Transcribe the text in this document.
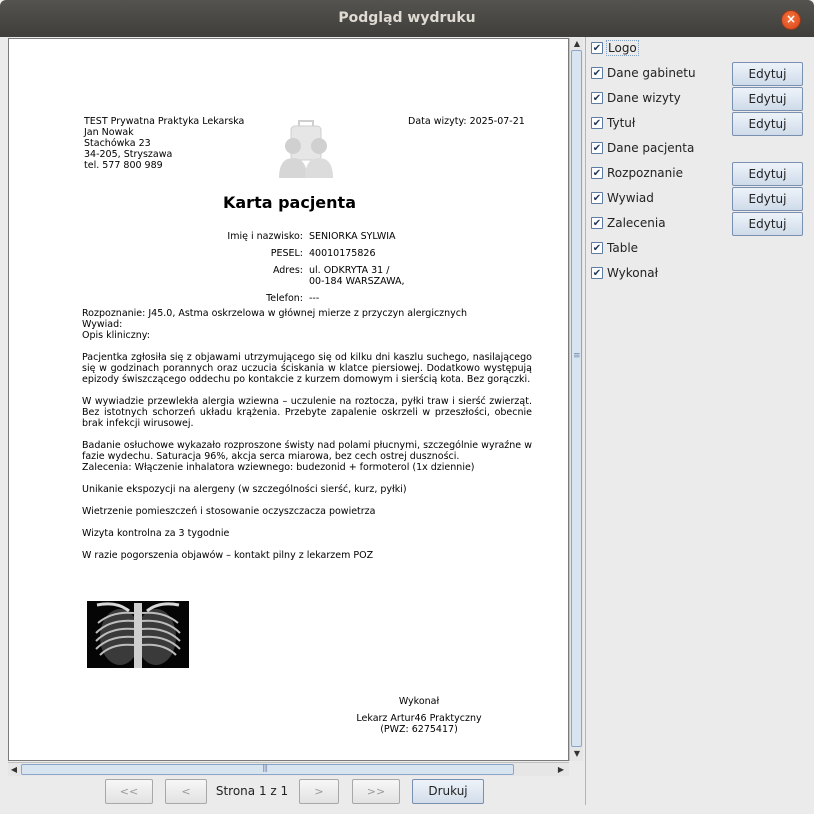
Podgląd wydruku	×
TEST Prywatna Praktyka Lekarska
Jan Nowak
Stachówka 23
34-205, Stryszawa
tel. 577 800 989
Data wizyty: 2025-07-21
Karta pacjenta
Imię i nazwisko: SENIORKA SYLWIA
PESEL: 40010175826
Adres: ul. ODKRYTA 31 /
00-184 WARSZAWA,
Telefon: ---

Rozpoznanie: J45.0, Astma oskrzelowa w głównej mierze z przyczyn alergicznych

Wywiad:

Opis kliniczny:

Pacjentka zgłosiła się z objawami utrzymującego się od kilku dni kaszlu suchego, nasilającego się w godzinach porannych oraz uczucia ściskania w klatce piersiowej. Dodatkowo występują epizody świszczącego oddechu po kontakcie z kurzem domowym i sierścią kota. Bez gorączki.

W wywiadzie przewlekła alergia wziewna – uczulenie na roztocza, pyłki traw i sierść zwierząt. Bez istotnych schorzeń układu krążenia. Przebyte zapalenie oskrzeli w przeszłości, obecnie brak infekcji wirusowej.

Badanie osłuchowe wykazało rozproszone świsty nad polami płucnymi, szczególnie wyraźne w fazie wydechu. Saturacja 96%, akcja serca miarowa, bez cech ostrej duszności.

Zalecenia: Włączenie inhalatora wziewnego: budezonid + formoterol (1x dziennie)

Unikanie ekspozycji na alergeny (w szczególności sierść, kurz, pyłki)

Wietrzenie pomieszczeń i stosowanie oczyszczacza powietrza

Wizyta kontrolna za 3 tygodnie

W razie pogorszenia objawów – kontakt pilny z lekarzem POZ

Wykonał
Lekarz Artur46 Praktyczny
(PWZ: 6275417)
▲
≡
▼
◀
|||	▶
<<	<	Strona 1 z 1	>	>>	Drukuj
✔ Logo
✔ Dane gabinetu	Edytuj
✔ Dane wizyty	Edytuj
✔ Tytuł	Edytuj
✔ Dane pacjenta
✔ Rozpoznanie	Edytuj
✔ Wywiad	Edytuj
✔ Zalecenia	Edytuj
✔ Table
✔ Wykonał
